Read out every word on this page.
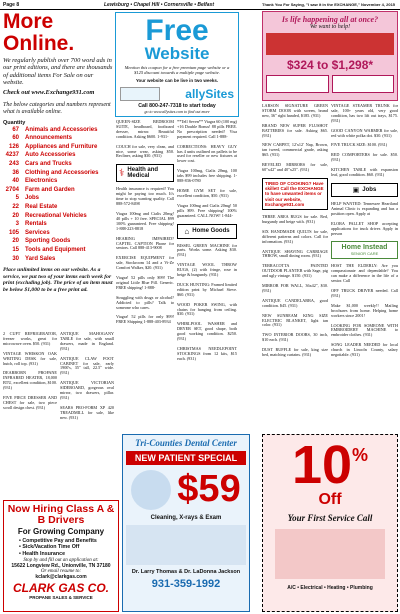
Page 8	Lewisburg • Chapel Hill • Cornersville • Belfast	Thank You For Saying, "I saw it in the EXCHANGE," November 4, 2015
More Online.
We regularly publish over 700 word ads in our print editions, and there are thousands of additional items For Sale on our website.
Check out www.Exchange931.com
The below categories and numbers represent what is available online.
Quantity
67	Animals and Accessories
60	Announcements
126	Appliances and Furniture
4237	Auto Accessories
243	Cars and Trucks
36	Clothing and Accessories
40	Electronics
2704	Farm and Garden
5	Jobs
22	Real Estate
20	Recreational Vehicles
3	Rentals
105	Services
20	Sporting Goods
15	Tools and Equipment
30	Yard Sales
Place unlimited items on our website. As a service, we put two of your items each week for print (excluding job). The price of an item must be below $1,000 to be a free print ad.
Free
Website
Mention this coupon for a free premium page website or a $125 discount towards a multiple page website.
Your website can be live in two weeks.
allySites
Call 800-247-7318 to start today
go to www.allysites.com to find out more

QUEEN-SIZE BEDROOM SUITE, headboard, footboard dresser, mirror. Beautiful condition. Asking $600. 1-931-

COUCH for sale, very clean, and nice, some wear, asking $50. Recliner, asking $30. (931)

⚕ Health and Medical

Health insurance is required! You might be paying too much. It's time to stop wanting quality. Call 888-572-8498

Viagra 100mg and Cialis 20mg! 40 pills + 10 free. SPECIAL $99 100% guaranteed. Free shipping! 1-888-223-8818

HEARING IMPAIRED? CAPTEL CAPTION Phone for seniors. Call 888-413-9008

EXERCISE EQUIPMENT for sale, Stockroom 14 and a Vi-Ze Comfort Walker, $20. (931)

Viagra! 52 pills only $99! The original Little Blue Pill. Generic. FREE shipping! 1-888-

Struggling with drugs or alcohol? Addicted to pills? Talk to someone who cares.

Viagra! 52 pills for only $99! FREE Shipping 1-888-403-8934

**Tell Seven** Viagra 60 (100 mg) +16 Double Bonus! 88 pills FREE. No prescription needed! Visa payment required. Call 1-888-

CORRECTIONS: HEAVY GUY has 4 units outlined on pallets to be used for reseller or new fixtures at lower cost.

Viagra 100mg, Cialis 20mg, 100 tabs $99 includes free shipping. 1-888-836-0780

HOME GYM SET for sale, excellent condition, $50. (931)

Viagra 100mg and Cialis 20mg! 50 pills $99. Free shipping! 100% guaranteed. CALL NOW! 1-844-

⌂ Home Goods

BISSEL GREEN MACHINE for parts. Works some. Asking $30. (931)

VINTAGE WOOL THROW RUGS, (2) with fringe, rose in beige & burgundy. (931)

DUCK HUNTING: Framed limited edition print by Michael Sieve. $60. (931)

WOOD POKER SWING, with chains for hanging from ceiling. $30. (931)

WHIRLPOOL WASHER and DRYER SET, good shape, both good working condition. $250. (931)

CHRISTMAS NEEDLEPOINT STOCKINGS from 12 kits, $15 each. (931)

Is life happening all at once?
We want to help!
$324 to $1,298*

LARSON SIGNATURE GREEN STORM DOOR with screen, brand new, 36" right handed, $185. (931)

BRAND NEW SUPER FLUSHOT BATTERIES for sale. Asking $65. (931)

NEW CARPET, 12'x12' Nap, Brown, tan tweed, commercial grade, asking $65. (931)

BEVELED MIRRORS for sale, 60"x42" and 40"x25". (931)

TIRED OF COOKING? Have skillet! Call the EXCHANGE to have unwanted items or visit our website, Exchange931.com

THREE AREA RUGS for sale. Red, burgundy and beige with. (931)

SIX HANDMADE QUILTS for sale, different patterns and colors. Call for information. (931)

ANTIQUE SHAVING CARRIAGE THROW, small dining room. (931)

TERRACOTTA PAINTED OUTDOOR PLANTER with Sage, pig and ugly vintage. $150. (931)

MIRROR FOR WALL, 36x42", $30. (931)

ANTIQUE CANDELABRA, good condition. $45. (931)

NEW SUNBEAM KING SIZE ELECTRIC BLANKET, light tan color. (931)

TWO INTERIOR DOORS, 30 inch, $10 each. (931)

DUST RUFFLE for sale, king size bed, matching curtains. (931)

VINTAGE STEAMER TRUNK for sale, 100+ years old, very good condition, has two lift out trays, $175. (931)

GOOD CANYON WARMER for sale, red with white polka dot. $30. (931)

FIVE TRUCK SIZE: $100. (931)

RED COMFORTERS for sale. $50. (931)

KITCHEN TABLE with expansion leaf, good condition. $60. (931)

▣ Jobs

HELP WANTED: Tennessee Heartland Animal Clinic is expanding and has a position open. Apply at

ELORA PALLET SHOP accepting applications for truck driver. Apply in person

Home Instead
SENIOR CARE

HOST THE ELDERLY: Are you compassionate and dependable? You can make a difference in the life of a senior. Call

OFF TRUCK DRIVER needed. Call (931)

Make $1,000 weekly!! Mailing brochures from home. Helping home workers since 2001!

LOOKING FOR SOMEONE WITH EMBROIDERY MACHINE to embroider clothes. (931)

SONG LEADER NEEDED for local church in Lincoln County, salary negotiable. (931)

2 CUFT REFRIGERATOR, freezer works, great for microwave oven. $50. (931)

VINTAGE WHISKON OAK WRITING DESK for sale, hutch, roll top. (931)

DEARBORN PROPANE INFRARED HEATER, 18,000 BTU, excellent condition, $100. (931)

FIVE PIECE DRESSER AND CHEST for sale, two piece scroll design chest. (931)

ANTIQUE MAHOGANY TABLE for sale, with small drawers, made in England. (931)

ANTIQUE CLAW FOOT CABINET for sale, early 1900's, 35" tall, 22.5" wide. (931)

ANTIQUE VICTORIAN SIDEBOARD, gorgeous oval mirror, two drawers, pillar. (931)

SEARS PRO-FORM XP 420 TREADMILL for sale, like new. (931)

Now Hiring Class A & B Drivers
For Growing Company
• Competitive Pay and Benefits
• Sick/Vacation Time Off
• Health Insurance
Stop by and fill out an application at:
15622 Longview Rd., Unionville, TN 37180
Or email resume to:
kclark@clarkgas.com
CLARK GAS CO.
PROPANE SALES & SERVICE
Tri-Counties Dental Center
NEW PATIENT SPECIAL
$59
Cleaning, X-rays & Exam
Dr. Larry Thomas & Dr. LaDonna Jackson
931-359-1992
10 %
Off
Your First Service Call
A/C • Electrical • Heating • Plumbing
